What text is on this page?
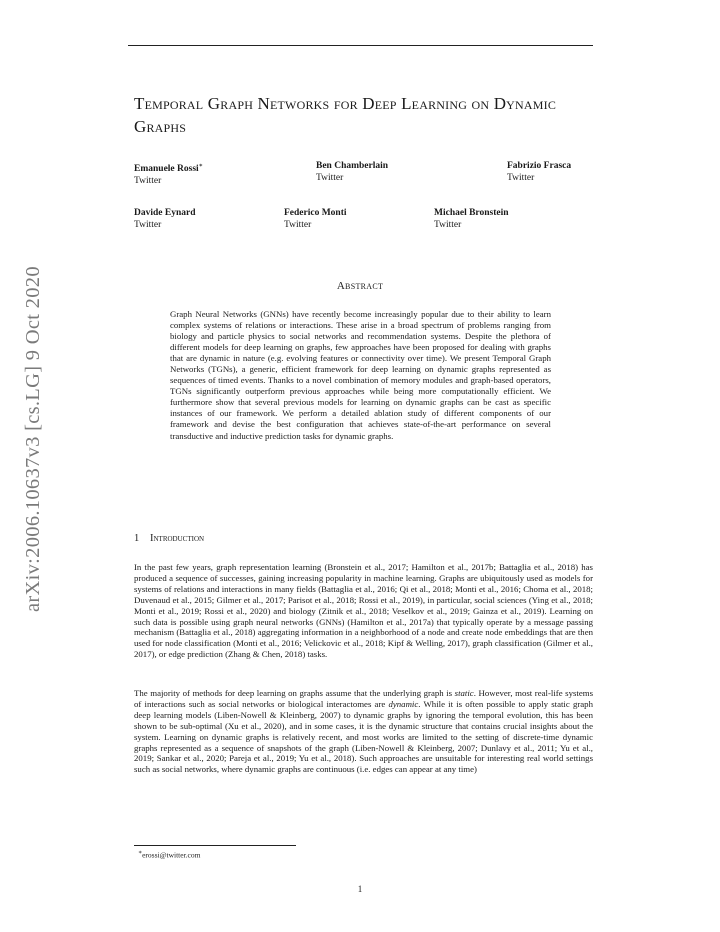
arXiv:2006.10637v3 [cs.LG] 9 Oct 2020
Temporal Graph Networks for Deep Learning on Dynamic Graphs
Emanuele Rossi∗
Twitter
Ben Chamberlain
Twitter
Fabrizio Frasca
Twitter
Davide Eynard
Twitter
Federico Monti
Twitter
Michael Bronstein
Twitter
Abstract

Graph Neural Networks (GNNs) have recently become increasingly popular due to their ability to learn complex systems of relations or interactions. These arise in a broad spectrum of problems ranging from biology and particle physics to social networks and recommendation systems. Despite the plethora of different models for deep learning on graphs, few approaches have been proposed for dealing with graphs that are dynamic in nature (e.g. evolving features or connectivity over time). We present Temporal Graph Networks (TGNs), a generic, efficient framework for deep learning on dynamic graphs represented as sequences of timed events. Thanks to a novel combination of memory modules and graph-based operators, TGNs significantly outperform previous approaches while being more computationally efficient. We furthermore show that several previous models for learning on dynamic graphs can be cast as specific instances of our framework. We perform a detailed ablation study of different components of our framework and devise the best configuration that achieves state-of-the-art performance on several transductive and inductive prediction tasks for dynamic graphs.

1 Introduction

In the past few years, graph representation learning (Bronstein et al., 2017; Hamilton et al., 2017b; Battaglia et al., 2018) has produced a sequence of successes, gaining increasing popularity in machine learning. Graphs are ubiquitously used as models for systems of relations and interactions in many fields (Battaglia et al., 2016; Qi et al., 2018; Monti et al., 2016; Choma et al., 2018; Duvenaud et al., 2015; Gilmer et al., 2017; Parisot et al., 2018; Rossi et al., 2019), in particular, social sciences (Ying et al., 2018; Monti et al., 2019; Rossi et al., 2020) and biology (Zitnik et al., 2018; Veselkov et al., 2019; Gainza et al., 2019). Learning on such data is possible using graph neural networks (GNNs) (Hamilton et al., 2017a) that typically operate by a message passing mechanism (Battaglia et al., 2018) aggregating information in a neighborhood of a node and create node embeddings that are then used for node classification (Monti et al., 2016; Velickovic et al., 2018; Kipf & Welling, 2017), graph classification (Gilmer et al., 2017), or edge prediction (Zhang & Chen, 2018) tasks.

The majority of methods for deep learning on graphs assume that the underlying graph is static. However, most real-life systems of interactions such as social networks or biological interactomes are dynamic. While it is often possible to apply static graph deep learning models (Liben-Nowell & Kleinberg, 2007) to dynamic graphs by ignoring the temporal evolution, this has been shown to be sub-optimal (Xu et al., 2020), and in some cases, it is the dynamic structure that contains crucial insights about the system. Learning on dynamic graphs is relatively recent, and most works are limited to the setting of discrete-time dynamic graphs represented as a sequence of snapshots of the graph (Liben-Nowell & Kleinberg, 2007; Dunlavy et al., 2011; Yu et al., 2019; Sankar et al., 2020; Pareja et al., 2019; Yu et al., 2018). Such approaches are unsuitable for interesting real world settings such as social networks, where dynamic graphs are continuous (i.e. edges can appear at any time)

∗erossi@twitter.com
1
